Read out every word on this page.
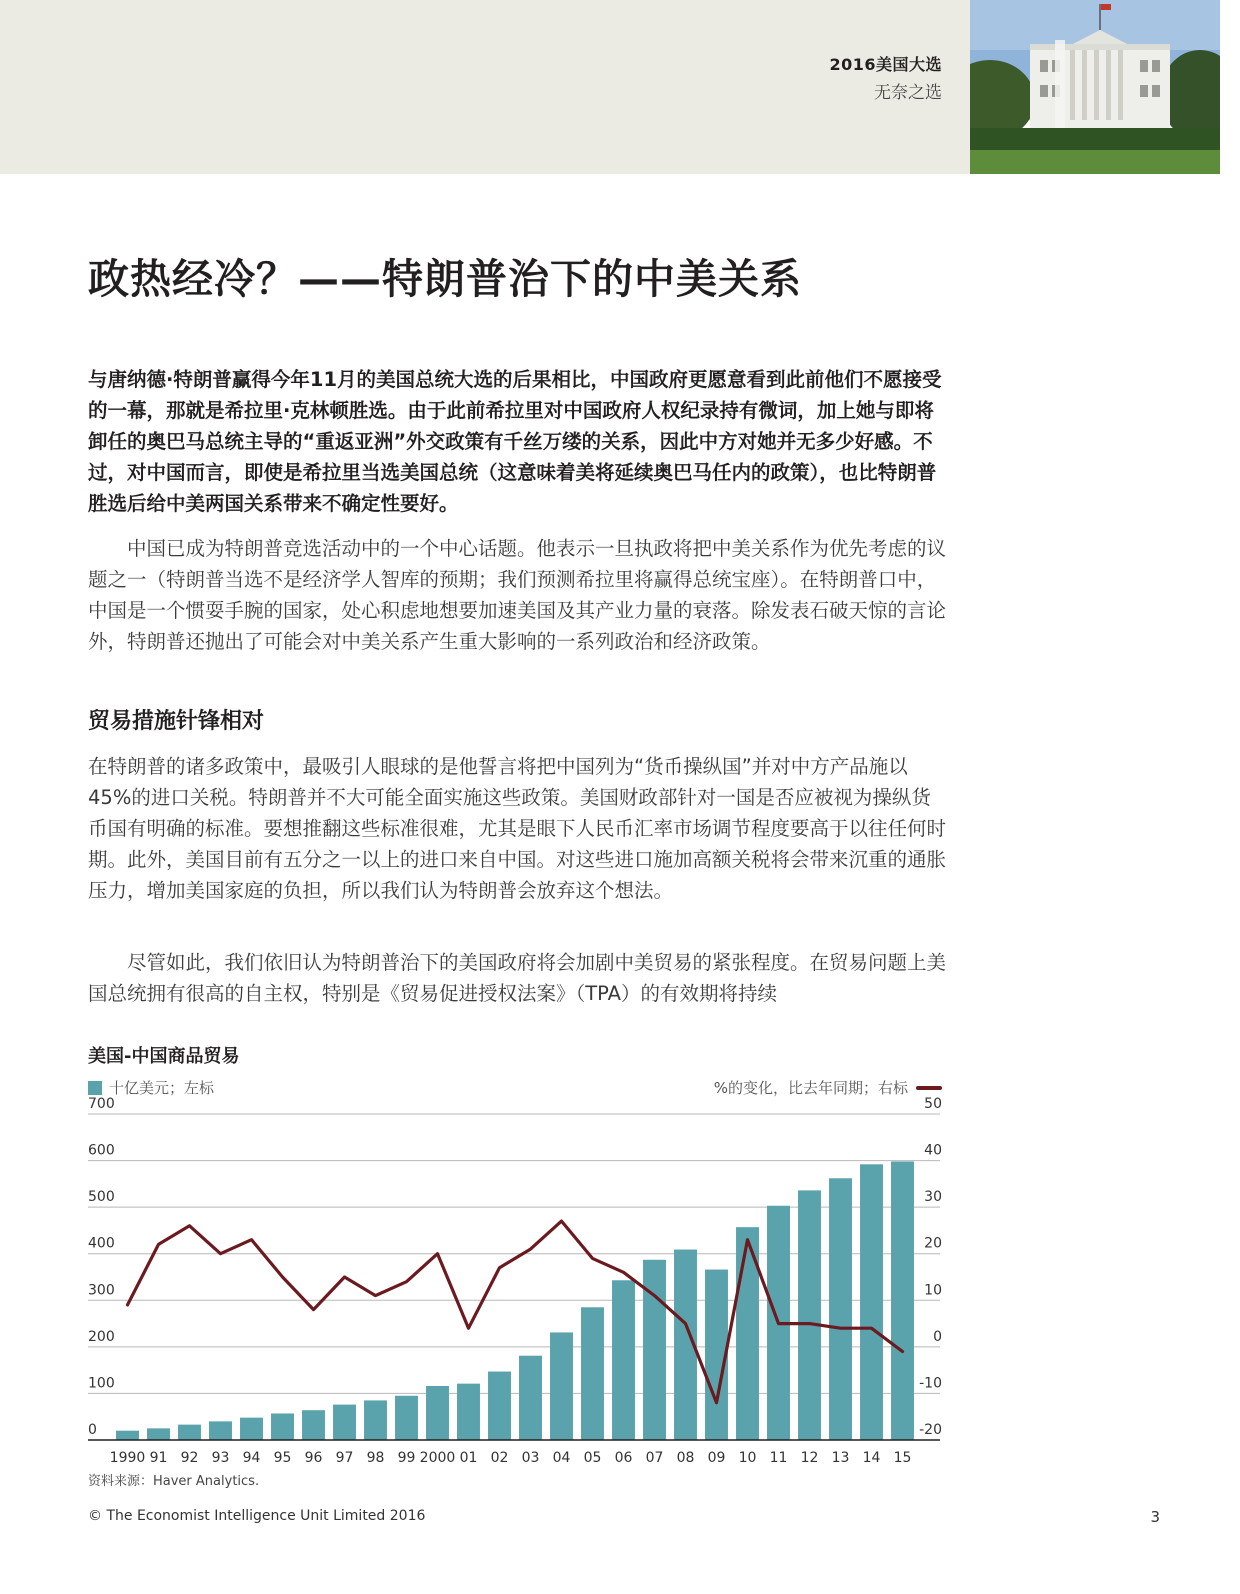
2016美国大选
无奈之选
政热经冷？——特朗普治下的中美关系

与唐纳德·特朗普赢得今年11月的美国总统大选的后果相比，中国政府更愿意看到此前他们不愿接受的一幕，那就是希拉里·克林顿胜选。由于此前希拉里对中国政府人权纪录持有微词，加上她与即将卸任的奥巴马总统主导的“重返亚洲”外交政策有千丝万缕的关系，因此中方对她并无多少好感。不过，对中国而言，即使是希拉里当选美国总统（这意味着美将延续奥巴马任内的政策），也比特朗普胜选后给中美两国关系带来不确定性要好。

中国已成为特朗普竞选活动中的一个中心话题。他表示一旦执政将把中美关系作为优先考虑的议题之一（特朗普当选不是经济学人智库的预期；我们预测希拉里将赢得总统宝座）。在特朗普口中，中国是一个惯耍手腕的国家，处心积虑地想要加速美国及其产业力量的衰落。除发表石破天惊的言论外，特朗普还抛出了可能会对中美关系产生重大影响的一系列政治和经济政策。

贸易措施针锋相对

在特朗普的诸多政策中，最吸引人眼球的是他誓言将把中国列为“货币操纵国”并对中方产品施以45%的进口关税。特朗普并不大可能全面实施这些政策。美国财政部针对一国是否应被视为操纵货币国有明确的标准。要想推翻这些标准很难，尤其是眼下人民币汇率市场调节程度要高于以往任何时期。此外，美国目前有五分之一以上的进口来自中国。对这些进口施加高额关税将会带来沉重的通胀压力，增加美国家庭的负担，所以我们认为特朗普会放弃这个想法。

尽管如此，我们依旧认为特朗普治下的美国政府将会加剧中美贸易的紧张程度。在贸易问题上美国总统拥有很高的自主权，特别是《贸易促进授权法案》（TPA）的有效期将持续

美国-中国商品贸易
十亿美元；左标	%的变化，比去年同期；右标
0
100
200
300
400
500
600
700
-20
-10
0
10
20
30
40
50
1990 91 92 93 94 95 96 97 98 99 2000 01 02 03 04 05 06 07 08 09 10 11 12 13 14 15
资料来源：Haver Analytics.
© The Economist Intelligence Unit Limited 2016	3
